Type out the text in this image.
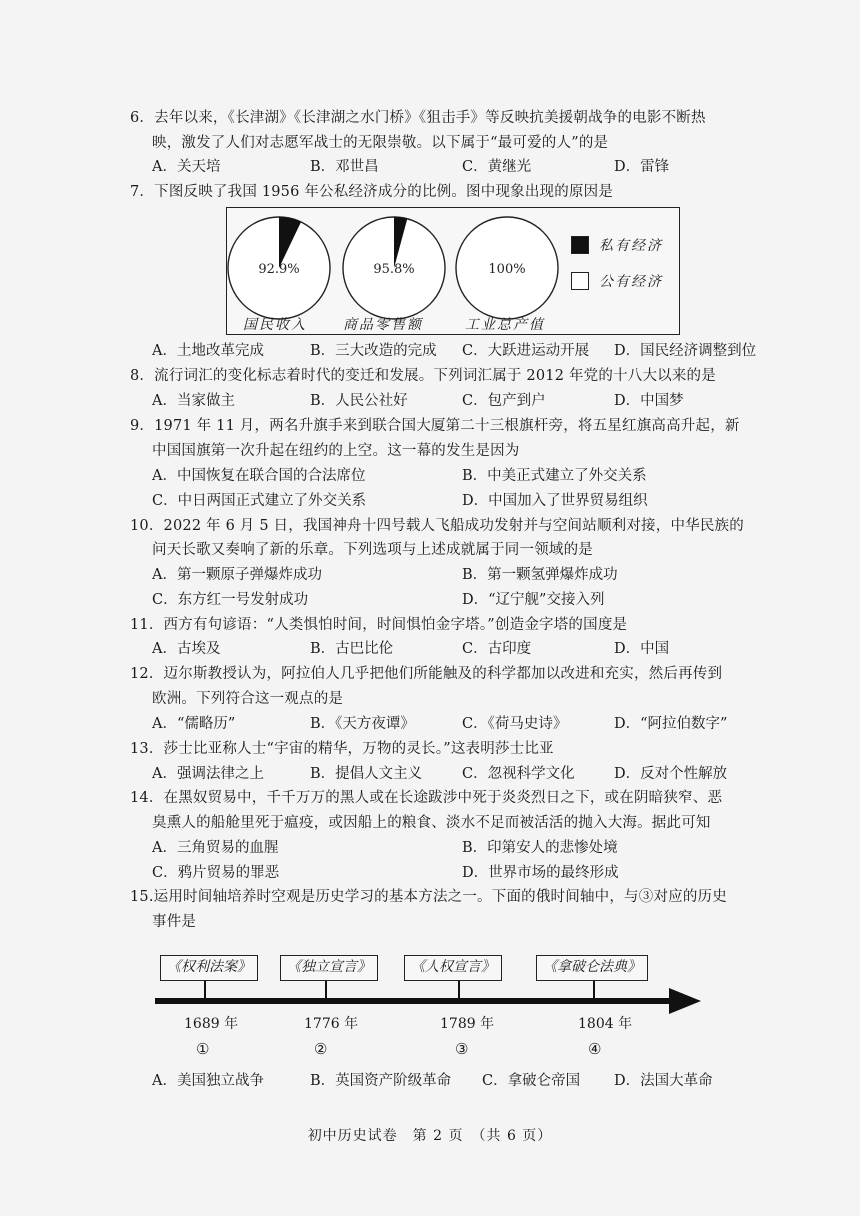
6．去年以来，《长津湖》《长津湖之水门桥》《狙击手》等反映抗美援朝战争的电影不断热
映，激发了人们对志愿军战士的无限崇敬。以下属于“最可爱的人”的是
A．关天培	B．邓世昌	C．黄继光	D．雷锋
7．下图反映了我国 1956 年公私经济成分的比例。图中现象出现的原因是
92.9%	95.8%	100%
国民收入	商品零售额	工业总产值
私有经济
公有经济
A．土地改革完成	B．三大改造的完成 C．大跃进运动开展 D．国民经济调整到位
8．流行词汇的变化标志着时代的变迁和发展。下列词汇属于 2012 年党的十八大以来的是
A．当家做主	B．人民公社好	C．包产到户	D．中国梦
9．1971 年 11 月，两名升旗手来到联合国大厦第二十三根旗杆旁，将五星红旗高高升起，新
中国国旗第一次升起在纽约的上空。这一幕的发生是因为
A．中国恢复在联合国的合法席位	B．中美正式建立了外交关系
C．中日两国正式建立了外交关系	D．中国加入了世界贸易组织
10．2022 年 6 月 5 日，我国神舟十四号载人飞船成功发射并与空间站顺利对接，中华民族的
问天长歌又奏响了新的乐章。下列选项与上述成就属于同一领域的是
A．第一颗原子弹爆炸成功	B．第一颗氢弹爆炸成功
C．东方红一号发射成功	D．“辽宁舰”交接入列
11．西方有句谚语：“人类惧怕时间，时间惧怕金字塔。”创造金字塔的国度是
A．古埃及	B．古巴比伦	C．古印度	D．中国
12．迈尔斯教授认为，阿拉伯人几乎把他们所能触及的科学都加以改进和充实，然后再传到
欧洲。下列符合这一观点的是
A．“儒略历”	B．《天方夜谭》	C．《荷马史诗》	D．“阿拉伯数字”
13．莎士比亚称人士“宇宙的精华，万物的灵长。”这表明莎士比亚
A．强调法律之上	B．提倡人文主义	C．忽视科学文化	D．反对个性解放
14．在黑奴贸易中，千千万万的黑人或在长途跋涉中死于炎炎烈日之下，或在阴暗狭窄、恶
臭熏人的船舱里死于瘟疫，或因船上的粮食、淡水不足而被活活的抛入大海。据此可知
A．三角贸易的血腥	B．印第安人的悲惨处境
C．鸦片贸易的罪恶	D．世界市场的最终形成
15.运用时间轴培养时空观是历史学习的基本方法之一。下面的俄时间轴中，与③对应的历史
事件是
《权利法案》	《独立宣言》	《人权宣言》	《拿破仑法典》
1689 年	1776 年	1789 年	1804 年
①	②	③	④
A．美国独立战争	B．英国资产阶级革命 C．拿破仑帝国 D．法国大革命
初中历史试卷　第 2 页　（共 6 页）
